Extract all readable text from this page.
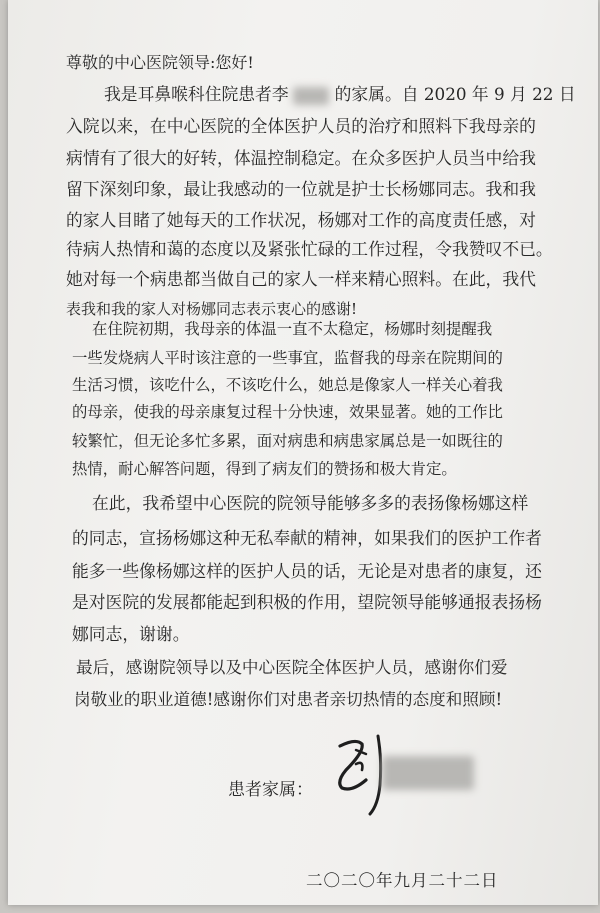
尊敬的中心医院领导:您好!

我是耳鼻喉科住院患者李	的家属。自 2020 年 9 月 22 日

入院以来，在中心医院的全体医护人员的治疗和照料下我母亲的

病情有了很大的好转，体温控制稳定。在众多医护人员当中给我

留下深刻印象，最让我感动的一位就是护士长杨娜同志。我和我

的家人目睹了她每天的工作状况，杨娜对工作的高度责任感，对

待病人热情和蔼的态度以及紧张忙碌的工作过程，令我赞叹不已。

她对每一个病患都当做自己的家人一样来精心照料。在此，我代

表我和我的家人对杨娜同志表示衷心的感谢!

在住院初期，我母亲的体温一直不太稳定，杨娜时刻提醒我

一些发烧病人平时该注意的一些事宜，监督我的母亲在院期间的

生活习惯，该吃什么，不该吃什么，她总是像家人一样关心着我

的母亲，使我的母亲康复过程十分快速，效果显著。她的工作比

较繁忙，但无论多忙多累，面对病患和病患家属总是一如既往的

热情，耐心解答问题，得到了病友们的赞扬和极大肯定。

在此，我希望中心医院的院领导能够多多的表扬像杨娜这样

的同志，宣扬杨娜这种无私奉献的精神，如果我们的医护工作者

能多一些像杨娜这样的医护人员的话，无论是对患者的康复，还

是对医院的发展都能起到积极的作用，望院领导能够通报表扬杨

娜同志，谢谢。

最后，感谢院领导以及中心医院全体医护人员，感谢你们爱

岗敬业的职业道德!感谢你们对患者亲切热情的态度和照顾!

患者家属：

二〇二〇年九月二十二日
